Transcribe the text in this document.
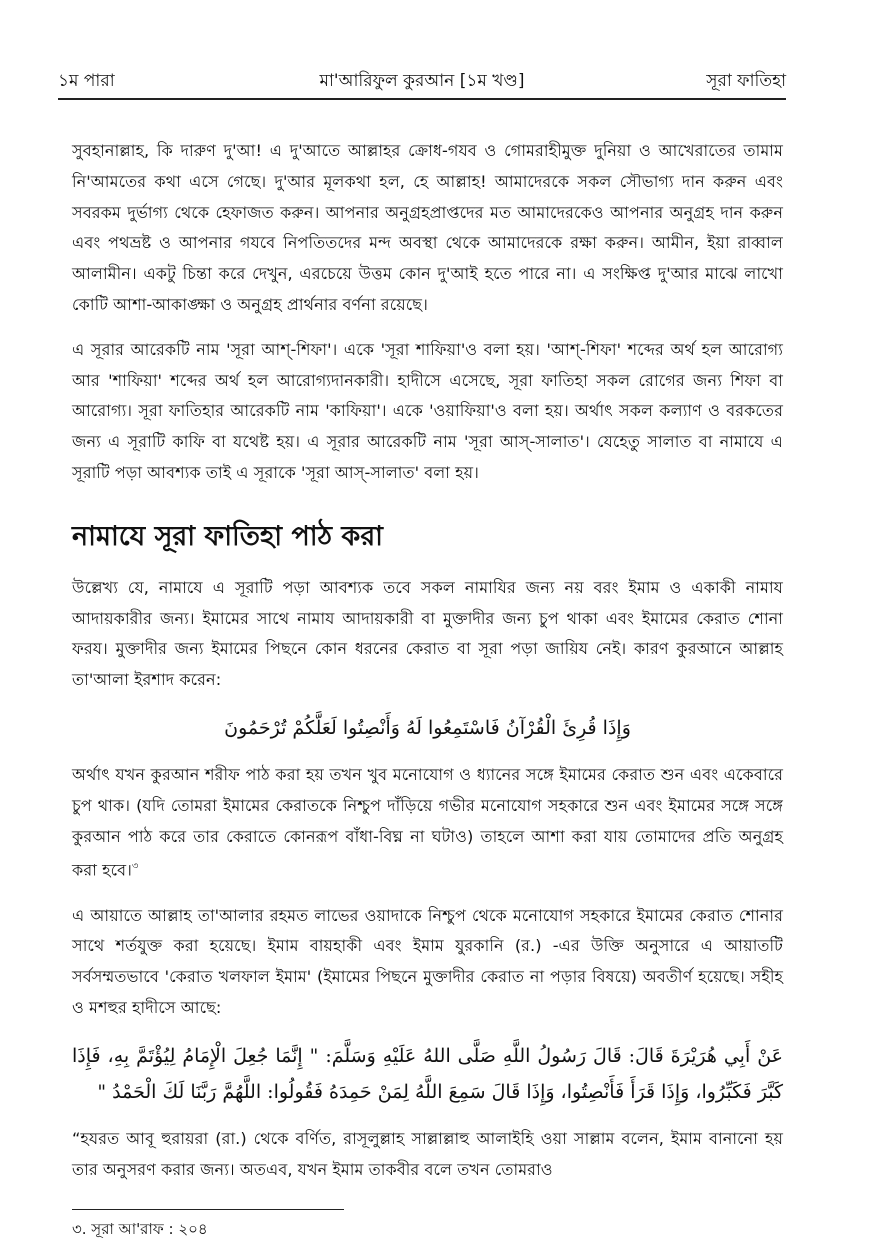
১ম পারা	মা'আরিফুল কুরআন [১ম খণ্ড]	সূরা ফাতিহা

সুবহানাল্লাহ, কি দারুণ দু'আ! এ দু'আতে আল্লাহর ক্রোধ-গযব ও গোমরাহীমুক্ত দুনিয়া ও আখেরাতের তামাম নি'আমতের কথা এসে গেছে। দু'আর মূলকথা হল, হে আল্লাহ! আমাদেরকে সকল সৌভাগ্য দান করুন এবং সবরকম দুর্ভাগ্য থেকে হেফাজত করুন। আপনার অনুগ্রহপ্রাপ্তদের মত আমাদেরকেও আপনার অনুগ্রহ দান করুন এবং পথভ্রষ্ট ও আপনার গযবে নিপতিতদের মন্দ অবস্থা থেকে আমাদেরকে রক্ষা করুন। আমীন, ইয়া রাব্বাল আলামীন। একটু চিন্তা করে দেখুন, এরচেয়ে উত্তম কোন দু'আই হতে পারে না। এ সংক্ষিপ্ত দু'আর মাঝে লাখো কোটি আশা-আকাঙ্ক্ষা ও অনুগ্রহ প্রার্থনার বর্ণনা রয়েছে।

এ সূরার আরেকটি নাম 'সূরা আশ্-শিফা'। একে 'সূরা শাফিয়া'ও বলা হয়। 'আশ্-শিফা' শব্দের অর্থ হল আরোগ্য আর 'শাফিয়া' শব্দের অর্থ হল আরোগ্যদানকারী। হাদীসে এসেছে, সূরা ফাতিহা সকল রোগের জন্য শিফা বা আরোগ্য। সূরা ফাতিহার আরেকটি নাম 'কাফিয়া'। একে 'ওয়াফিয়া'ও বলা হয়। অর্থাৎ সকল কল্যাণ ও বরকতের জন্য এ সূরাটি কাফি বা যথেষ্ট হয়। এ সূরার আরেকটি নাম 'সূরা আস্-সালাত'। যেহেতু সালাত বা নামাযে এ সূরাটি পড়া আবশ্যক তাই এ সূরাকে 'সূরা আস্-সালাত' বলা হয়।

নামাযে সূরা ফাতিহা পাঠ করা

উল্লেখ্য যে, নামাযে এ সূরাটি পড়া আবশ্যক তবে সকল নামাযির জন্য নয় বরং ইমাম ও একাকী নামায আদায়কারীর জন্য। ইমামের সাথে নামায আদায়কারী বা মুক্তাদীর জন্য চুপ থাকা এবং ইমামের কেরাত শোনা ফরয। মুক্তাদীর জন্য ইমামের পিছনে কোন ধরনের কেরাত বা সূরা পড়া জায়িয নেই। কারণ কুরআনে আল্লাহ তা'আলা ইরশাদ করেন:

وَإِذَا قُرِئَ الْقُرْآنُ فَاسْتَمِعُوا لَهُ وَأَنْصِتُوا لَعَلَّكُمْ تُرْحَمُونَ

অর্থাৎ যখন কুরআন শরীফ পাঠ করা হয় তখন খুব মনোযোগ ও ধ্যানের সঙ্গে ইমামের কেরাত শুন এবং একেবারে চুপ থাক। (যদি তোমরা ইমামের কেরাতকে নিশ্চুপ দাঁড়িয়ে গভীর মনোযোগ সহকারে শুন এবং ইমামের সঙ্গে সঙ্গে কুরআন পাঠ করে তার কেরাতে কোনরূপ বাঁধা-বিঘ্ন না ঘটাও) তাহলে আশা করা যায় তোমাদের প্রতি অনুগ্রহ করা হবে।$^৩$

এ আয়াতে আল্লাহ তা'আলার রহমত লাভের ওয়াদাকে নিশ্চুপ থেকে মনোযোগ সহকারে ইমামের কেরাত শোনার সাথে শর্তযুক্ত করা হয়েছে। ইমাম বায়হাকী এবং ইমাম যুরকানি (র.) -এর উক্তি অনুসারে এ আয়াতটি সর্বসম্মতভাবে 'কেরাত খলফাল ইমাম' (ইমামের পিছনে মুক্তাদীর কেরাত না পড়ার বিষয়ে) অবতীর্ণ হয়েছে। সহীহ ও মশহুর হাদীসে আছে:

عَنْ أَبِي هُرَيْرَةَ قَالَ: قَالَ رَسُولُ اللَّهِ صَلَّى اللهُ عَلَيْهِ وَسَلَّمَ: " إِنَّمَا جُعِلَ الْإِمَامُ لِيُؤْتَمَّ بِهِ، فَإِذَا كَبَّرَ فَكَبِّرُوا، وَإِذَا قَرَأَ فَأَنْصِتُوا، وَإِذَا قَالَ سَمِعَ اللَّهُ لِمَنْ حَمِدَهُ فَقُولُوا: اللَّهُمَّ رَبَّنَا لَكَ الْحَمْدُ "

“হযরত আবূ হুরায়রা (রা.) থেকে বর্ণিত, রাসূলুল্লাহ সাল্লাল্লাহু আলাইহি ওয়া সাল্লাম বলেন, ইমাম বানানো হয় তার অনুসরণ করার জন্য। অতএব, যখন ইমাম তাকবীর বলে তখন তোমরাও

৩. সূরা আ'রাফ : ২০৪
